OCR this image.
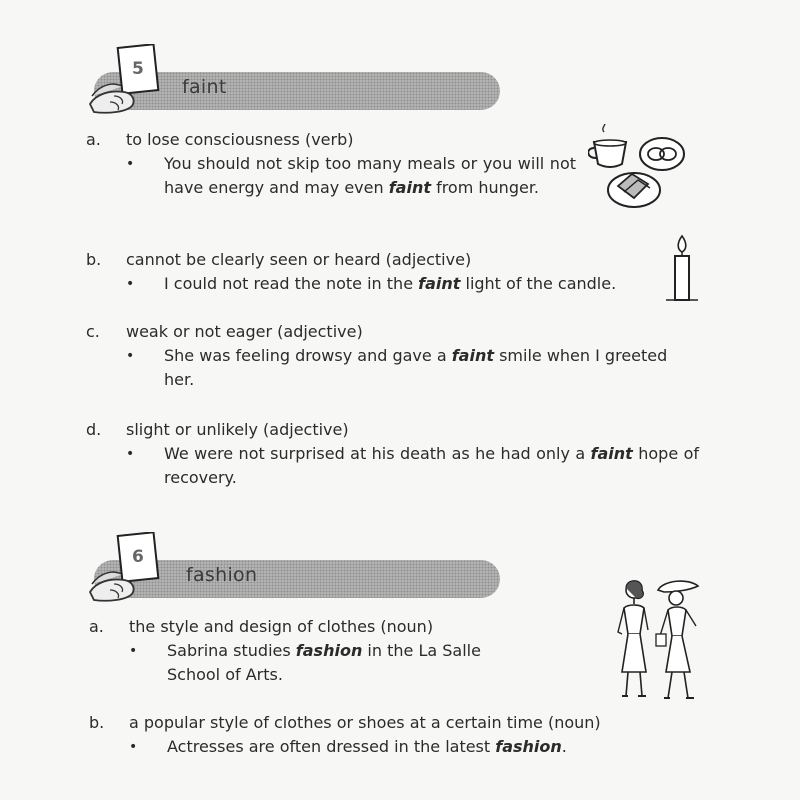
5
faint
a. to lose consciousness (verb)
• You should not skip too many meals or you will not have energy and may even faint from hunger.
b. cannot be clearly seen or heard (adjective)
• I could not read the note in the faint light of the candle.
c. weak or not eager (adjective)
• She was feeling drowsy and gave a faint smile when I greeted her.
d. slight or unlikely (adjective)
• We were not surprised at his death as he had only a faint hope of recovery.
6
fashion
a. the style and design of clothes (noun)
• Sabrina studies fashion in the La Salle School of Arts.
b. a popular style of clothes or shoes at a certain time (noun)
• Actresses are often dressed in the latest fashion.
